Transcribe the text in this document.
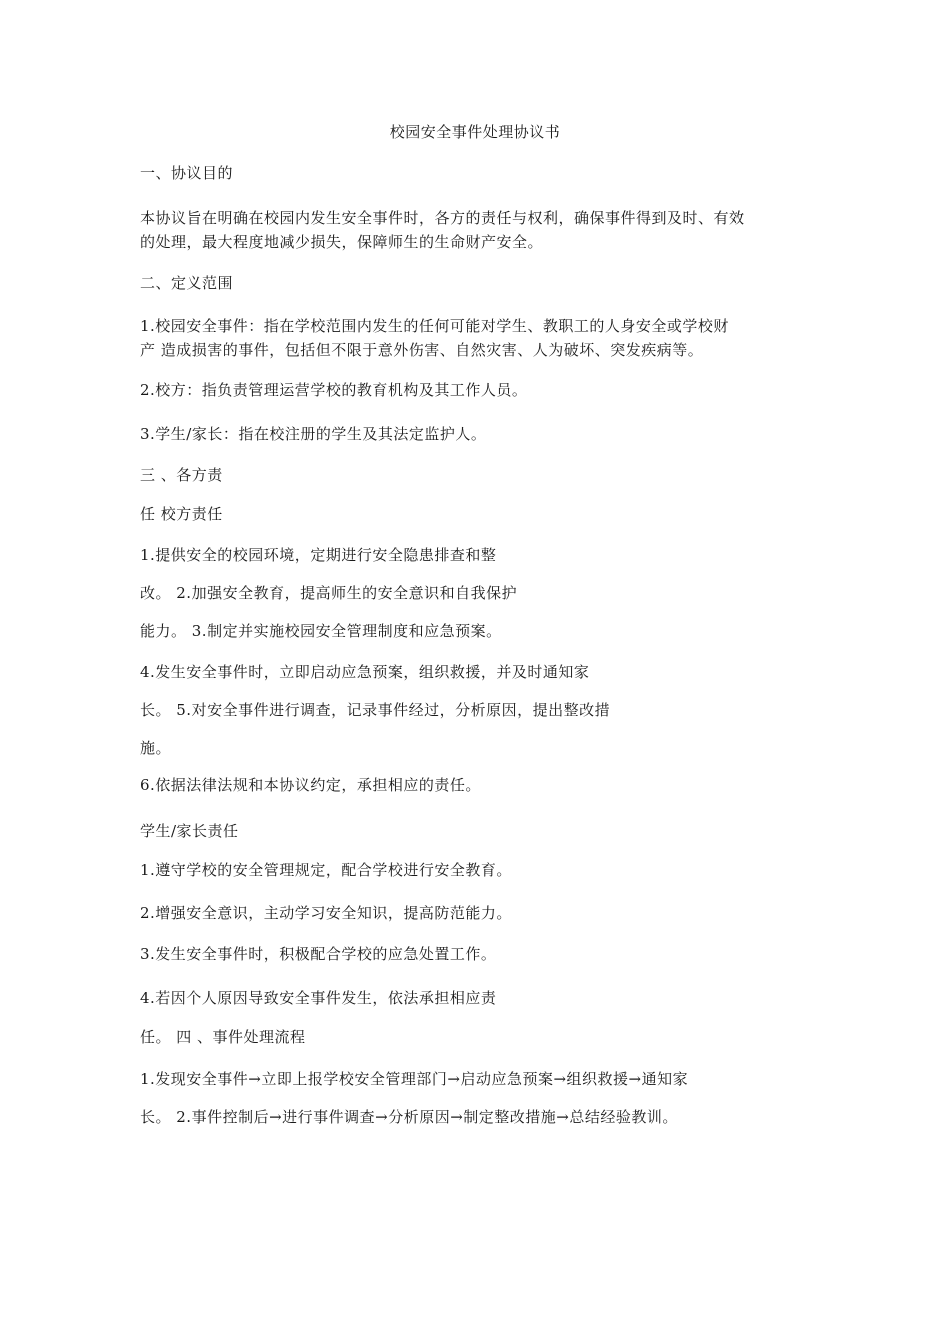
校园安全事件处理协议书
一、协议目的
本协议旨在明确在校园内发生安全事件时，各方的责任与权利，确保事件得到及时、有效
的处理，最大程度地减少损失，保障师生的生命财产安全。
二、定义范围
1.校园安全事件：指在学校范围内发生的任何可能对学生、教职工的人身安全或学校财
产 造成损害的事件，包括但不限于意外伤害、自然灾害、人为破坏、突发疾病等。
2.校方：指负责管理运营学校的教育机构及其工作人员。
3.学生/家长：指在校注册的学生及其法定监护人。
三 、各方责
任 校方责任
1.提供安全的校园环境，定期进行安全隐患排查和整
改。 2.加强安全教育，提高师生的安全意识和自我保护
能力。 3.制定并实施校园安全管理制度和应急预案。
4.发生安全事件时，立即启动应急预案，组织救援，并及时通知家
长。 5.对安全事件进行调查，记录事件经过，分析原因，提出整改措
施。
6.依据法律法规和本协议约定，承担相应的责任。
学生/家长责任
1.遵守学校的安全管理规定，配合学校进行安全教育。
2.增强安全意识，主动学习安全知识，提高防范能力。
3.发生安全事件时，积极配合学校的应急处置工作。
4.若因个人原因导致安全事件发生，依法承担相应责
任。 四 、事件处理流程
1.发现安全事件→立即上报学校安全管理部门→启动应急预案→组织救援→通知家
长。 2.事件控制后→进行事件调查→分析原因→制定整改措施→总结经验教训。
